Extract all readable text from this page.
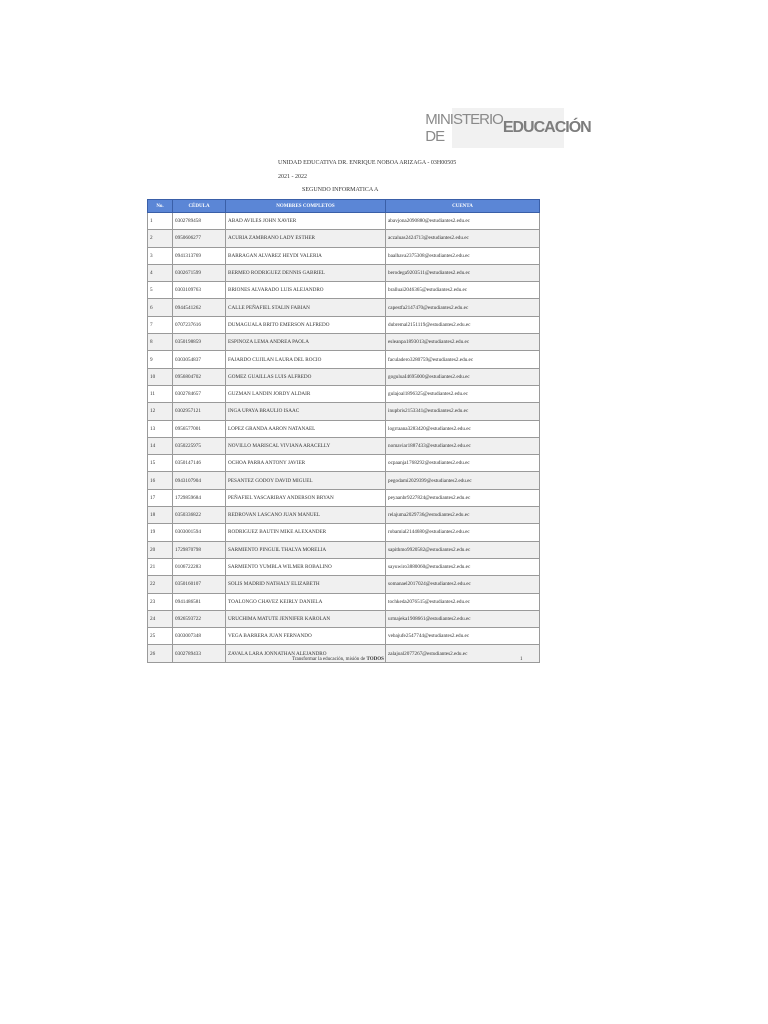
MINISTERIO DE
EDUCACIÓN
UNIDAD EDUCATIVA DR. ENRIQUE NOBOA ARIZAGA - 03H00505
2021 - 2022
SEGUNDO INFORMATICA A
No.	CÉDULA	NOMBRES COMPLETOS	CUENTA
1	0302789458	ABAD AVILES JOHN XAVIER	abavjona2090880@estudiantes2.edu.ec
2	0950606277	ACURIA ZAMBRANO LADY ESTHER	aczaluas2424713@estudiantes2.edu.ec
3	0941313769	BARRAGAN ALVAREZ HEYDI VALERIA	baalhava2375308@estudiantes2.edu.ec
4	0302671599	BERMEO RODRIGUEZ DENNIS GABRIEL	berodega9203511@estudiantes2.edu.ec
5	0303109763	BRIONES ALVARADO LUIS ALEJANDRO	bralluai2046365@estudiantes2.edu.ec
6	0944541262	CALLE PEÑAFIEL STALIN FABIAN	capestfa2147470@estudiantes2.edu.ec
7	0707237616	DUMAGUALA BRITO EMERSON ALFREDO	dubremal2151119@estudiantes2.edu.ec
8	0350198859	ESPINOZA LEMA ANDREA PAOLA	esleanpa1893013@estudiantes2.edu.ec
9	0303054837	FAJARDO CUJILAN LAURA DEL ROCIO	faculadero3280759@estudiantes2.edu.ec
10	0956804702	GOMEZ GUAILLAS LUIS ALFREDO	goguluaI4695000@estudiantes2.edu.ec
11	0302784657	GUZMAN LANDIN JORDY ALDAIR	gulajoal1896325@estudiantes2.edu.ec
12	0302957121	INGA UPAYA BRAULIO ISAAC	inupbris2153341@estudiantes2.edu.ec
13	0956577001	LOPEZ GRANDA AARON NATANAEL	logrraana3283420@estudiantes2.edu.ec
14	0350225975	NOVILLO MARISCAL VIVIANA ARACELLY	nomaviar1887433@estudiantes2.edu.ec
15	0350147146	OCHOA PARRA ANTONY JAVIER	ocpaanja1768292@estudiantes2.edu.ec
16	0943107904	PESANTEZ GODOY DAVID MIGUEL	pegodami2029399@estudiantes2.edu.ec
17	1729859684	PEÑAFIEL YASCARIBAY ANDERSON BRYAN	peyaanbr9227824@estudiantes2.edu.ec
18	0350336822	REDROVAN LASCANO JUAN MANUEL	relajuma2029736@estudiantes2.edu.ec
19	0303001594	RODRIGUEZ BAUTIN MIKE ALEXANDER	robamial2144680@estudiantes2.edu.ec
20	1729870798	SARMIENTO PINGUIL THALYA MORELIA	sapithmo9920582@estudiantes2.edu.ec
21	0106722283	SARMIENTO YUMBLA WILMER ROBALINO	sayuwiro3880060@estudiantes2.edu.ec
22	0350160107	SOLIS MADRID NATHALY ELIZABETH	somanael2017024@estudiantes2.edu.ec
23	0941486581	TOALONGO CHAVEZ KEIRLY DANIELA	tochkeda2076515@estudiantes2.edu.ec
24	0926593722	URUCHIMA MATUTE JENNIFER KAROLAN	urmajeka1908661@estudiantes2.edu.ec
25	0303007348	VEGA BARRERA JUAN FERNANDO	vebajufe2547744@estudiantes2.edu.ec
26	0302789433	ZAVALA LARA JONNATHAN ALEJANDRO	zalajoal2077267@estudiantes2.edu.ec
Transformar la educación, misión de TODOS	1
